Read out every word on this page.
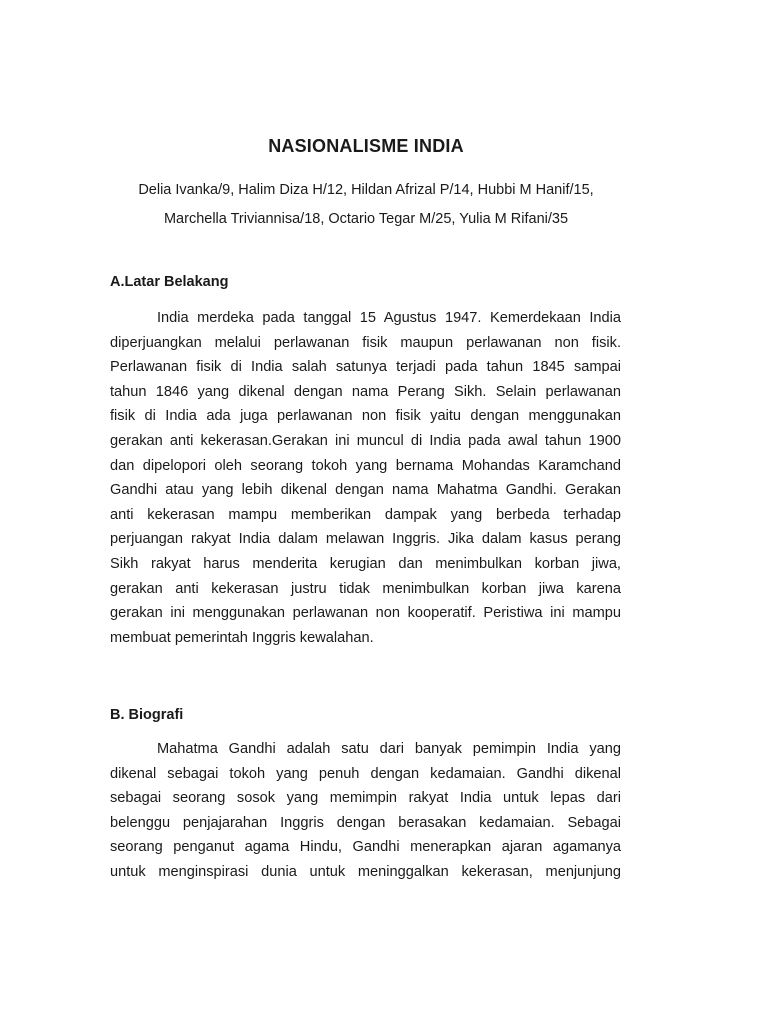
NASIONALISME INDIA
Delia Ivanka/9, Halim Diza H/12, Hildan Afrizal P/14, Hubbi M Hanif/15,
Marchella Triviannisa/18, Octario Tegar M/25, Yulia M Rifani/35
A.Latar Belakang
India merdeka pada tanggal 15 Agustus 1947. Kemerdekaan India
diperjuangkan melalui perlawanan fisik maupun perlawanan non fisik.
Perlawanan fisik di India salah satunya terjadi pada tahun 1845 sampai
tahun 1846 yang dikenal dengan nama Perang Sikh. Selain perlawanan
fisik di India ada juga perlawanan non fisik yaitu dengan menggunakan
gerakan anti kekerasan.Gerakan ini muncul di India pada awal tahun 1900
dan dipelopori oleh seorang tokoh yang bernama Mohandas Karamchand
Gandhi atau yang lebih dikenal dengan nama Mahatma Gandhi. Gerakan
anti kekerasan mampu memberikan dampak yang berbeda terhadap
perjuangan rakyat India dalam melawan Inggris. Jika dalam kasus perang
Sikh rakyat harus menderita kerugian dan menimbulkan korban jiwa,
gerakan anti kekerasan justru tidak menimbulkan korban jiwa karena
gerakan ini menggunakan perlawanan non kooperatif. Peristiwa ini mampu
membuat pemerintah Inggris kewalahan.
B. Biografi
Mahatma Gandhi adalah satu dari banyak pemimpin India yang
dikenal sebagai tokoh yang penuh dengan kedamaian. Gandhi dikenal
sebagai seorang sosok yang memimpin rakyat India untuk lepas dari
belenggu penjajarahan Inggris dengan berasakan kedamaian. Sebagai
seorang penganut agama Hindu, Gandhi menerapkan ajaran agamanya
untuk menginspirasi dunia untuk meninggalkan kekerasan, menjunjung
